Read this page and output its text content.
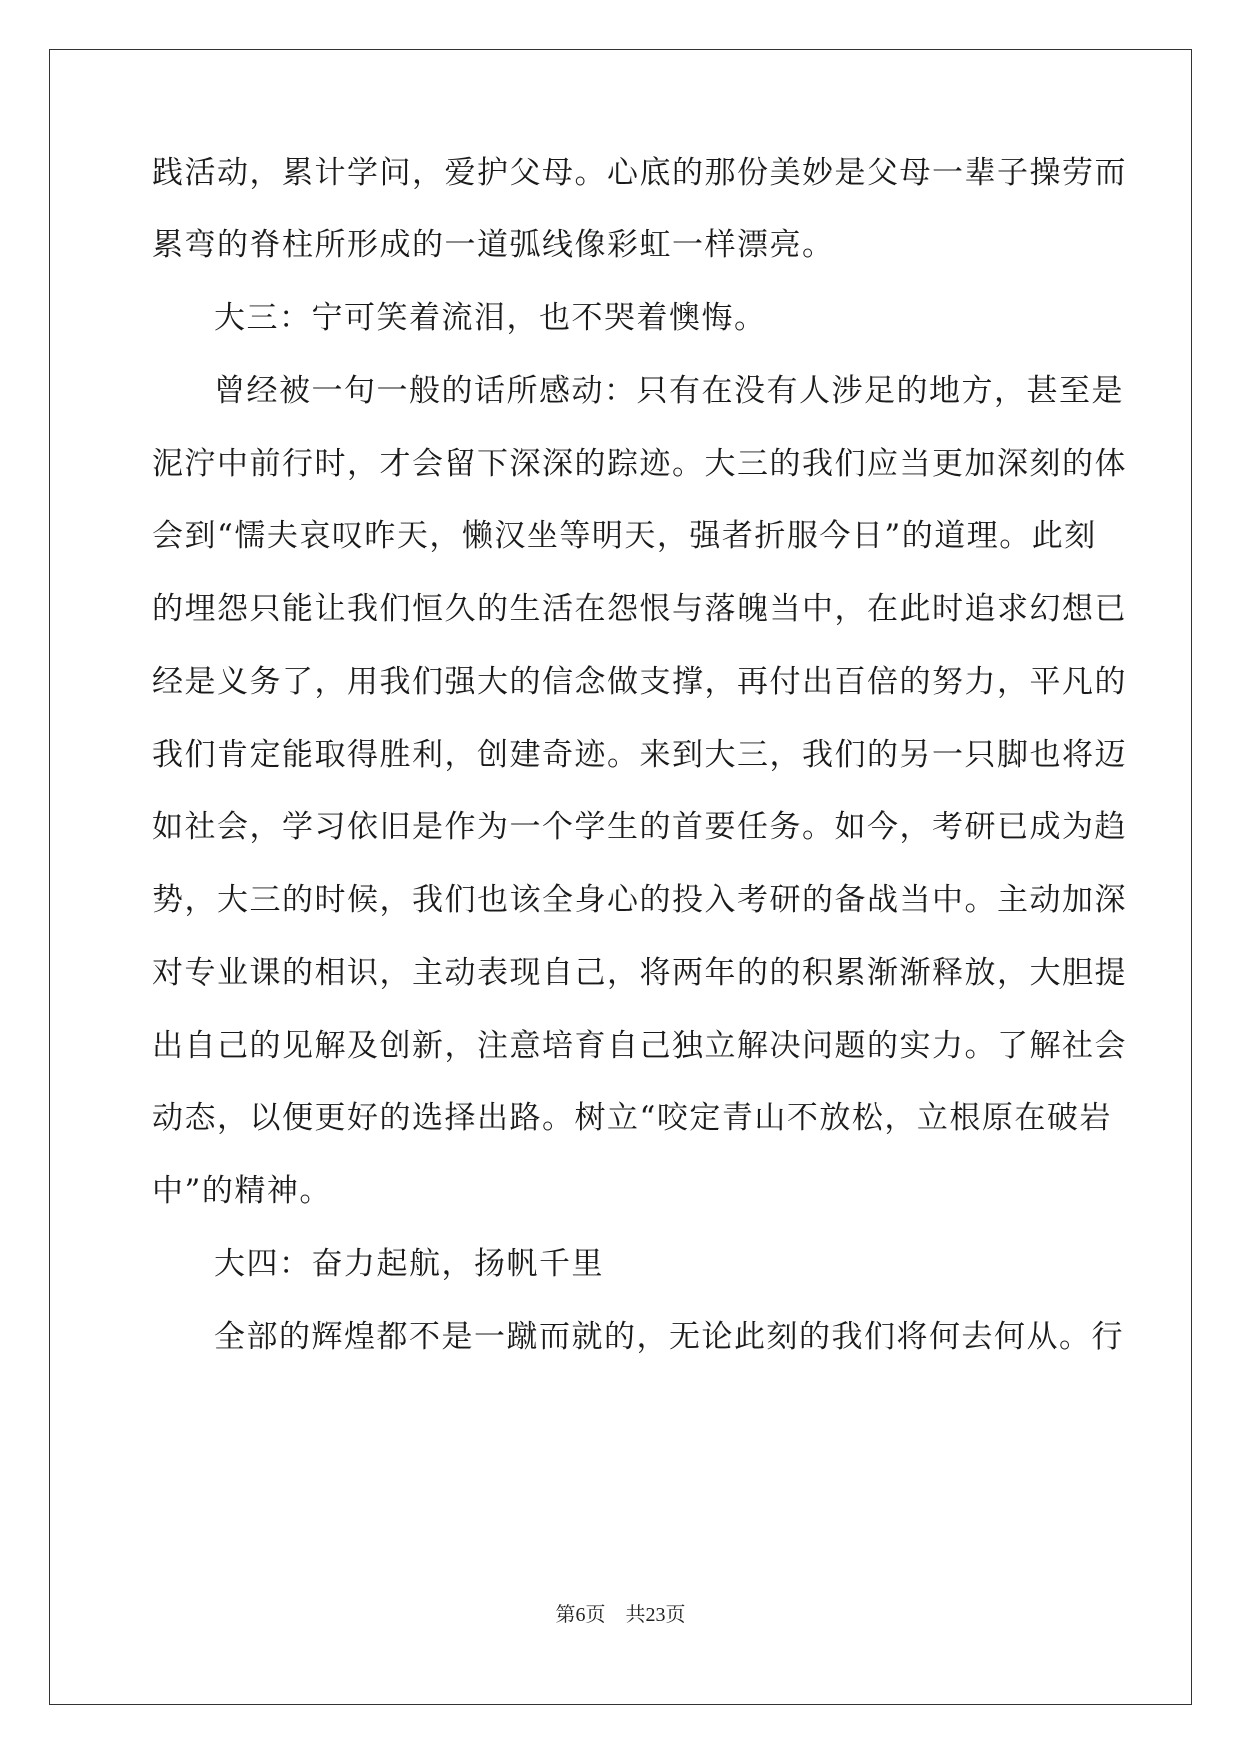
践活动，累计学问，爱护父母。心底的那份美妙是父母一辈子操劳而
累弯的脊柱所形成的一道弧线像彩虹一样漂亮。
大三：宁可笑着流泪，也不哭着懊悔。
曾经被一句一般的话所感动：只有在没有人涉足的地方，甚至是
泥泞中前行时，才会留下深深的踪迹。大三的我们应当更加深刻的体
会到“懦夫哀叹昨天，懒汉坐等明天，强者折服今日”的道理。此刻
的埋怨只能让我们恒久的生活在怨恨与落魄当中，在此时追求幻想已
经是义务了，用我们强大的信念做支撑，再付出百倍的努力，平凡的
我们肯定能取得胜利，创建奇迹。来到大三，我们的另一只脚也将迈
如社会，学习依旧是作为一个学生的首要任务。如今，考研已成为趋
势，大三的时候，我们也该全身心的投入考研的备战当中。主动加深
对专业课的相识，主动表现自己，将两年的的积累渐渐释放，大胆提
出自己的见解及创新，注意培育自己独立解决问题的实力。了解社会
动态，以便更好的选择出路。树立“咬定青山不放松，立根原在破岩
中”的精神。
大四：奋力起航，扬帆千里
全部的辉煌都不是一蹴而就的，无论此刻的我们将何去何从。行
第6页 共23页
